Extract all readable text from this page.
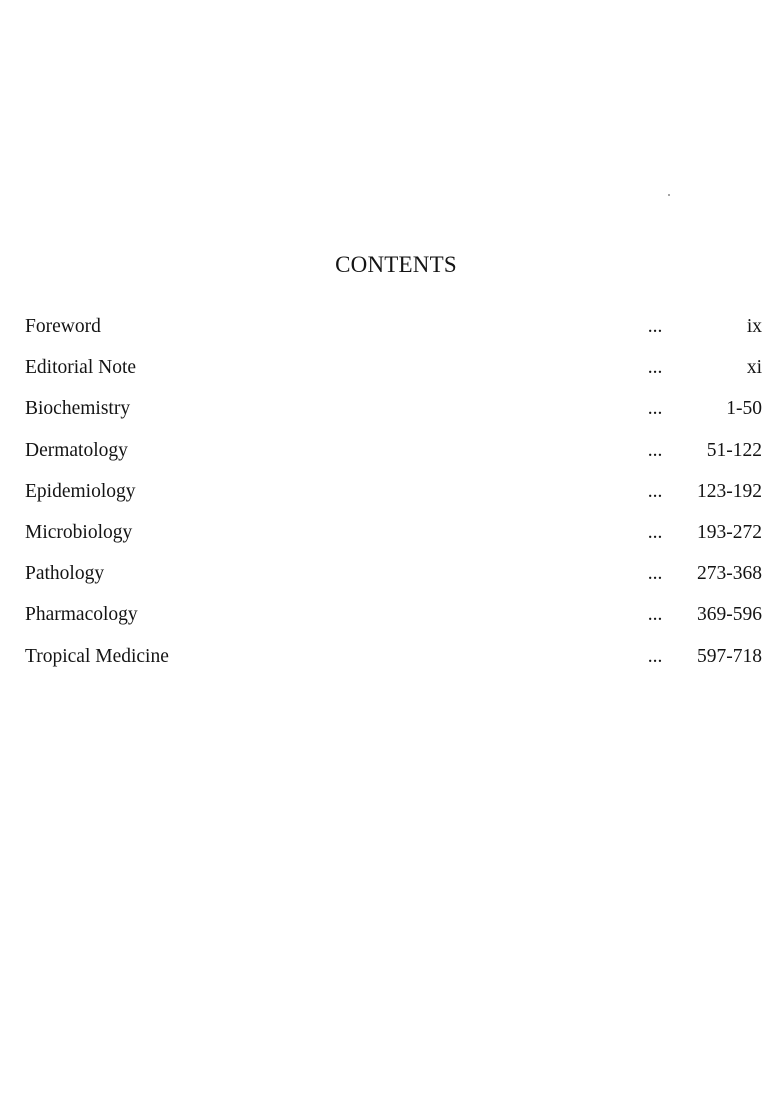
CONTENTS
Foreword	...	ix
Editorial Note	...	xi
Biochemistry	...	1-50
Dermatology	... 51-122
Epidemiology	... 123-192
Microbiology	... 193-272
Pathology	... 273-368
Pharmacology	... 369-596
Tropical Medicine	... 597-718
